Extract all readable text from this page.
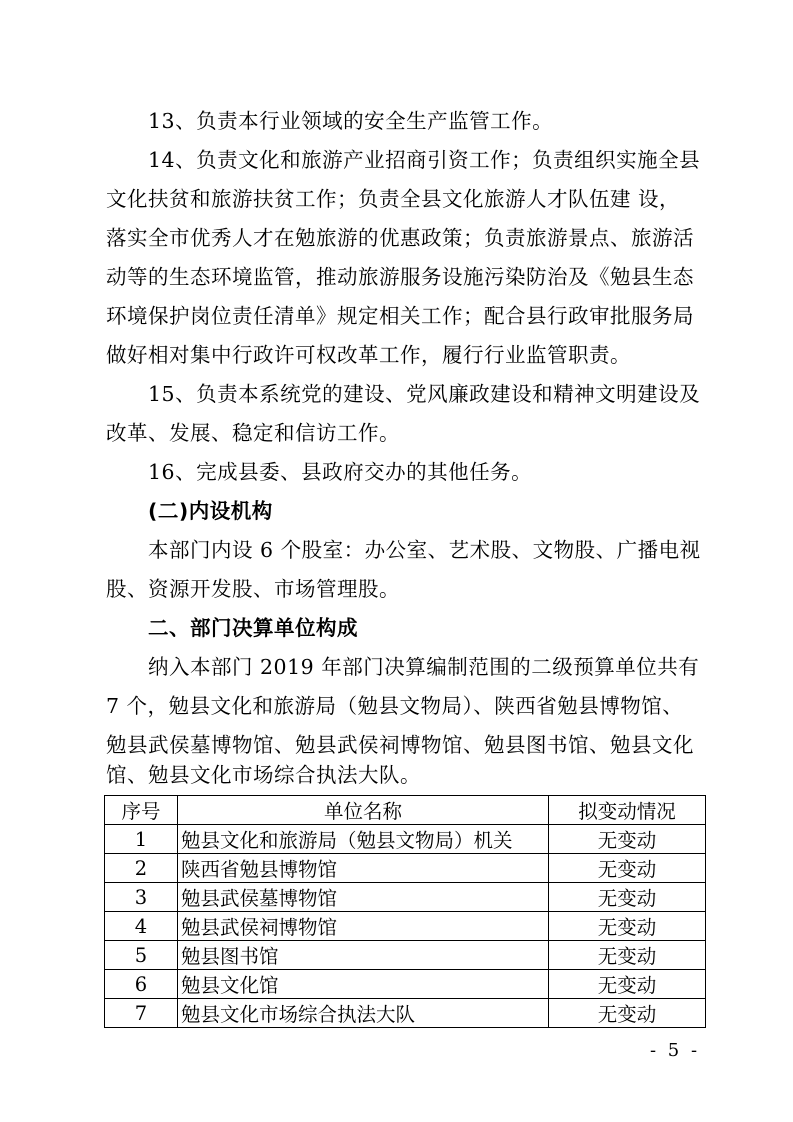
13、负责本行业领域的安全生产监管工作。
14、负责文化和旅游产业招商引资工作；负责组织实施全县
文化扶贫和旅游扶贫工作；负责全县文化旅游人才队伍建 设，
落实全市优秀人才在勉旅游的优惠政策；负责旅游景点、旅游活
动等的生态环境监管，推动旅游服务设施污染防治及《勉县生态
环境保护岗位责任清单》规定相关工作；配合县行政审批服务局
做好相对集中行政许可权改革工作，履行行业监管职责。
15、负责本系统党的建设、党风廉政建设和精神文明建设及
改革、发展、稳定和信访工作。
16、完成县委、县政府交办的其他任务。
(二)内设机构
本部门内设 6 个股室：办公室、艺术股、文物股、广播电视
股、资源开发股、市场管理股。
二、部门决算单位构成
纳入本部门 2019 年部门决算编制范围的二级预算单位共有
7 个，勉县文化和旅游局（勉县文物局）、陕西省勉县博物馆、
勉县武侯墓博物馆、勉县武侯祠博物馆、勉县图书馆、勉县文化
序号	单位名称	拟变动情况
1	勉县文化和旅游局（勉县文物局）机关	无变动
2	陕西省勉县博物馆	无变动
3	勉县武侯墓博物馆	无变动
4	勉县武侯祠博物馆	无变动
5	勉县图书馆	无变动
6	勉县文化馆	无变动
7	勉县文化市场综合执法大队	无变动
- 5 -
馆、勉县文化市场综合执法大队。
